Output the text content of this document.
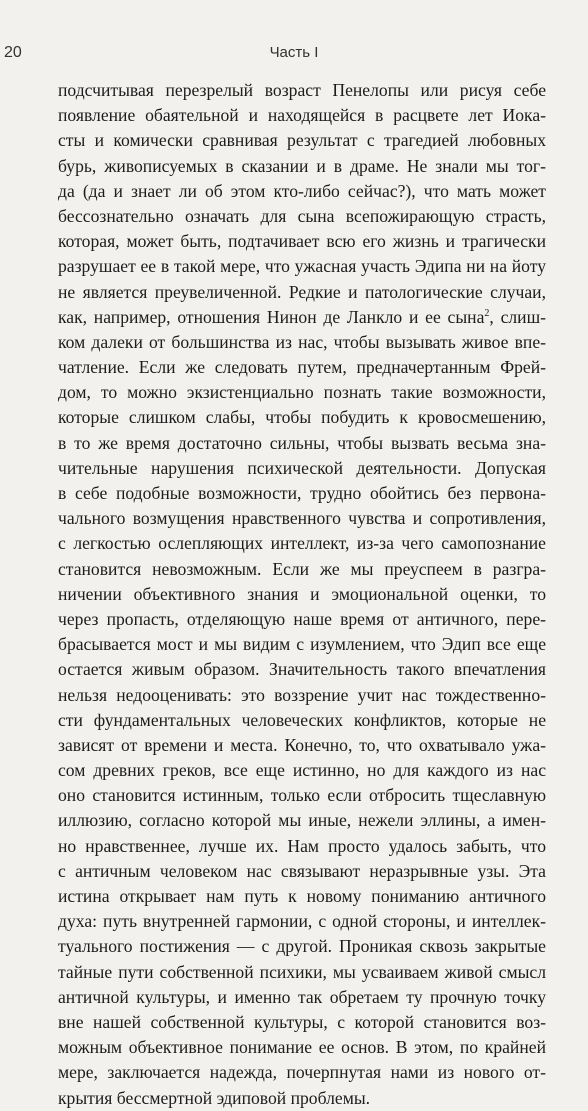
20	Часть I
подсчитывая перезрелый возраст Пенелопы или рисуя себе
появление обаятельной и находящейся в расцвете лет Иока-
сты и комически сравнивая результат с трагедией любовных
бурь, живописуемых в сказании и в драме. Не знали мы тог-
да (да и знает ли об этом кто-либо сейчас?), что мать может
бессознательно означать для сына всепожирающую страсть,
которая, может быть, подтачивает всю его жизнь и трагически
разрушает ее в такой мере, что ужасная участь Эдипа ни на йоту
не является преувеличенной. Редкие и патологические случаи,
как, например, отношения Нинон де Ланкло и ее сына$^2$, слиш-
ком далеки от большинства из нас, чтобы вызывать живое впе-
чатление. Если же следовать путем, предначертанным Фрей-
дом, то можно экзистенциально познать такие возможности,
которые слишком слабы, чтобы побудить к кровосмешению,
в то же время достаточно сильны, чтобы вызвать весьма зна-
чительные нарушения психической деятельности. Допуская
в себе подобные возможности, трудно обойтись без первона-
чального возмущения нравственного чувства и сопротивления,
с легкостью ослепляющих интеллект, из-за чего самопознание
становится невозможным. Если же мы преуспеем в разгра-
ничении объективного знания и эмоциональной оценки, то
через пропасть, отделяющую наше время от античного, пере-
брасывается мост и мы видим с изумлением, что Эдип все еще
остается живым образом. Значительность такого впечатления
нельзя недооценивать: это воззрение учит нас тождественно-
сти фундаментальных человеческих конфликтов, которые не
зависят от времени и места. Конечно, то, что охватывало ужа-
сом древних греков, все еще истинно, но для каждого из нас
оно становится истинным, только если отбросить тщеславную
иллюзию, согласно которой мы иные, нежели эллины, а имен-
но нравственнее, лучше их. Нам просто удалось забыть, что
с античным человеком нас связывают неразрывные узы. Эта
истина открывает нам путь к новому пониманию античного
духа: путь внутренней гармонии, с одной стороны, и интеллек-
туального постижения — с другой. Проникая сквозь закрытые
тайные пути собственной психики, мы усваиваем живой смысл
античной культуры, и именно так обретаем ту прочную точку
вне нашей собственной культуры, с которой становится воз-
можным объективное понимание ее основ. В этом, по крайней
мере, заключается надежда, почерпнутая нами из нового от-
крытия бессмертной эдиповой проблемы.
